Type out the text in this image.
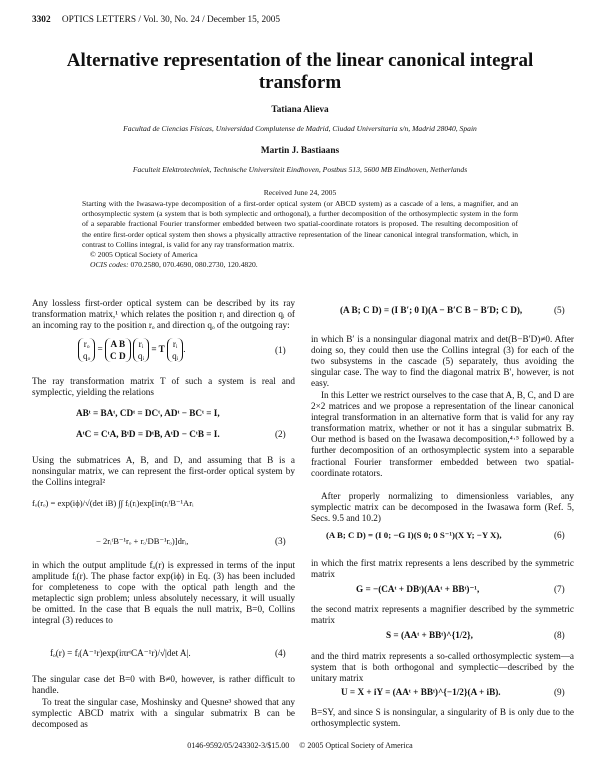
3302 OPTICS LETTERS / Vol. 30, No. 24 / December 15, 2005
Alternative representation of the linear canonical integral transform
Tatiana Alieva
Facultad de Ciencias Físicas, Universidad Complutense de Madrid, Ciudad Universitaria s/n, Madrid 28040, Spain
Martin J. Bastiaans
Faculteit Elektrotechniek, Technische Universiteit Eindhoven, Postbus 513, 5600 MB Eindhoven, Netherlands
Received June 24, 2005

Starting with the Iwasawa-type decomposition of a first-order optical system (or ABCD system) as a cascade of a lens, a magnifier, and an orthosymplectic system (a system that is both symplectic and orthogonal), a further decomposition of the orthosymplectic system in the form of a separable fractional Fourier transformer embedded between two spatial-coordinate rotators is proposed. The resulting decomposition of the entire first-order optical system then shows a physically attractive representation of the linear canonical integral transformation, which, in contrast to Collins integral, is valid for any ray transformation matrix.

© 2005 Optical Society of America

OCIS codes: 070.2580, 070.4690, 080.2730, 120.4820.

Any lossless first-order optical system can be described by its ray transformation matrix,¹ which relates the position rᵢ and direction qᵢ of an incoming ray to the position rₒ and direction qₒ of the outgoing ray:

rₒ
qₒ = A B
C D rᵢ
qᵢ = T rᵢ
qᵢ.	(1)

The ray transformation matrix T of such a system is real and symplectic, yielding the relations

ABᵗ = BAᵗ, CDᵗ = DCᵗ, ADᵗ − BCᵗ = I,
AᵗC = CᵗA, BᵗD = DᵗB, AᵗD − CᵗB = I.	(2)

Using the submatrices A, B, and D, and assuming that B is a nonsingular matrix, we can represent the first-order optical system by the Collins integral²

fₒ(rₒ) = exp(iϕ)/√(det iB) ∫∫ fᵢ(rᵢ)exp[iπ(rᵢᵗB⁻¹Arᵢ
− 2rᵢᵗB⁻¹rₒ + rₒᵗDB⁻¹rₒ)]drᵢ,	(3)

in which the output amplitude fₒ(r) is expressed in terms of the input amplitude fᵢ(r). The phase factor exp(iϕ) in Eq. (3) has been included for completeness to cope with the optical path length and the metaplectic sign problem; unless absolutely necessary, it will usually be omitted. In the case that B equals the null matrix, B=0, Collins integral (3) reduces to

fₒ(r) = fᵢ(A⁻¹r)exp(iπrᵗCA⁻¹r)/√|det A|.	(4)

The singular case det B=0 with B≠0, however, is rather difficult to handle.

To treat the singular case, Moshinsky and Quesne³ showed that any symplectic ABCD matrix with a singular submatrix B can be decomposed as

(A B; C D) = (I B′; 0 I)(A − B′C B − B′D; C D),	(5)

in which B′ is a nonsingular diagonal matrix and det(B−B′D)≠0. After doing so, they could then use the Collins integral (3) for each of the two subsystems in the cascade (5) separately, thus avoiding the singular case. The way to find the diagonal matrix B′, however, is not easy.

In this Letter we restrict ourselves to the case that A, B, C, and D are 2×2 matrices and we propose a representation of the linear canonical integral transformation in an alternative form that is valid for any ray transformation matrix, whether or not it has a singular submatrix B. Our method is based on the Iwasawa decomposition,⁴·⁵ followed by a further decomposition of an orthosymplectic system into a separable fractional Fourier transformer embedded between two spatial-coordinate rotators.

After properly normalizing to dimensionless variables, any symplectic matrix can be decomposed in the Iwasawa form (Ref. 5, Secs. 9.5 and 10.2)

(A B; C D) = (I 0; −G I)(S 0; 0 S⁻¹)(X Y; −Y X),	(6)

in which the first matrix represents a lens described by the symmetric matrix

G = −(CAᵗ + DBᵗ)(AAᵗ + BBᵗ)⁻¹,	(7)

the second matrix represents a magnifier described by the symmetric matrix

S = (AAᵗ + BBᵗ)^{1/2},	(8)

and the third matrix represents a so-called orthosymplectic system—a system that is both orthogonal and symplectic—described by the unitary matrix

U = X + iY = (AAᵗ + BBᵗ)^{−1/2}(A + iB).	(9)

B=SY, and since S is nonsingular, a singularity of B is only due to the orthosymplectic system.

0146-9592/05/243302-3/$15.00 © 2005 Optical Society of America
